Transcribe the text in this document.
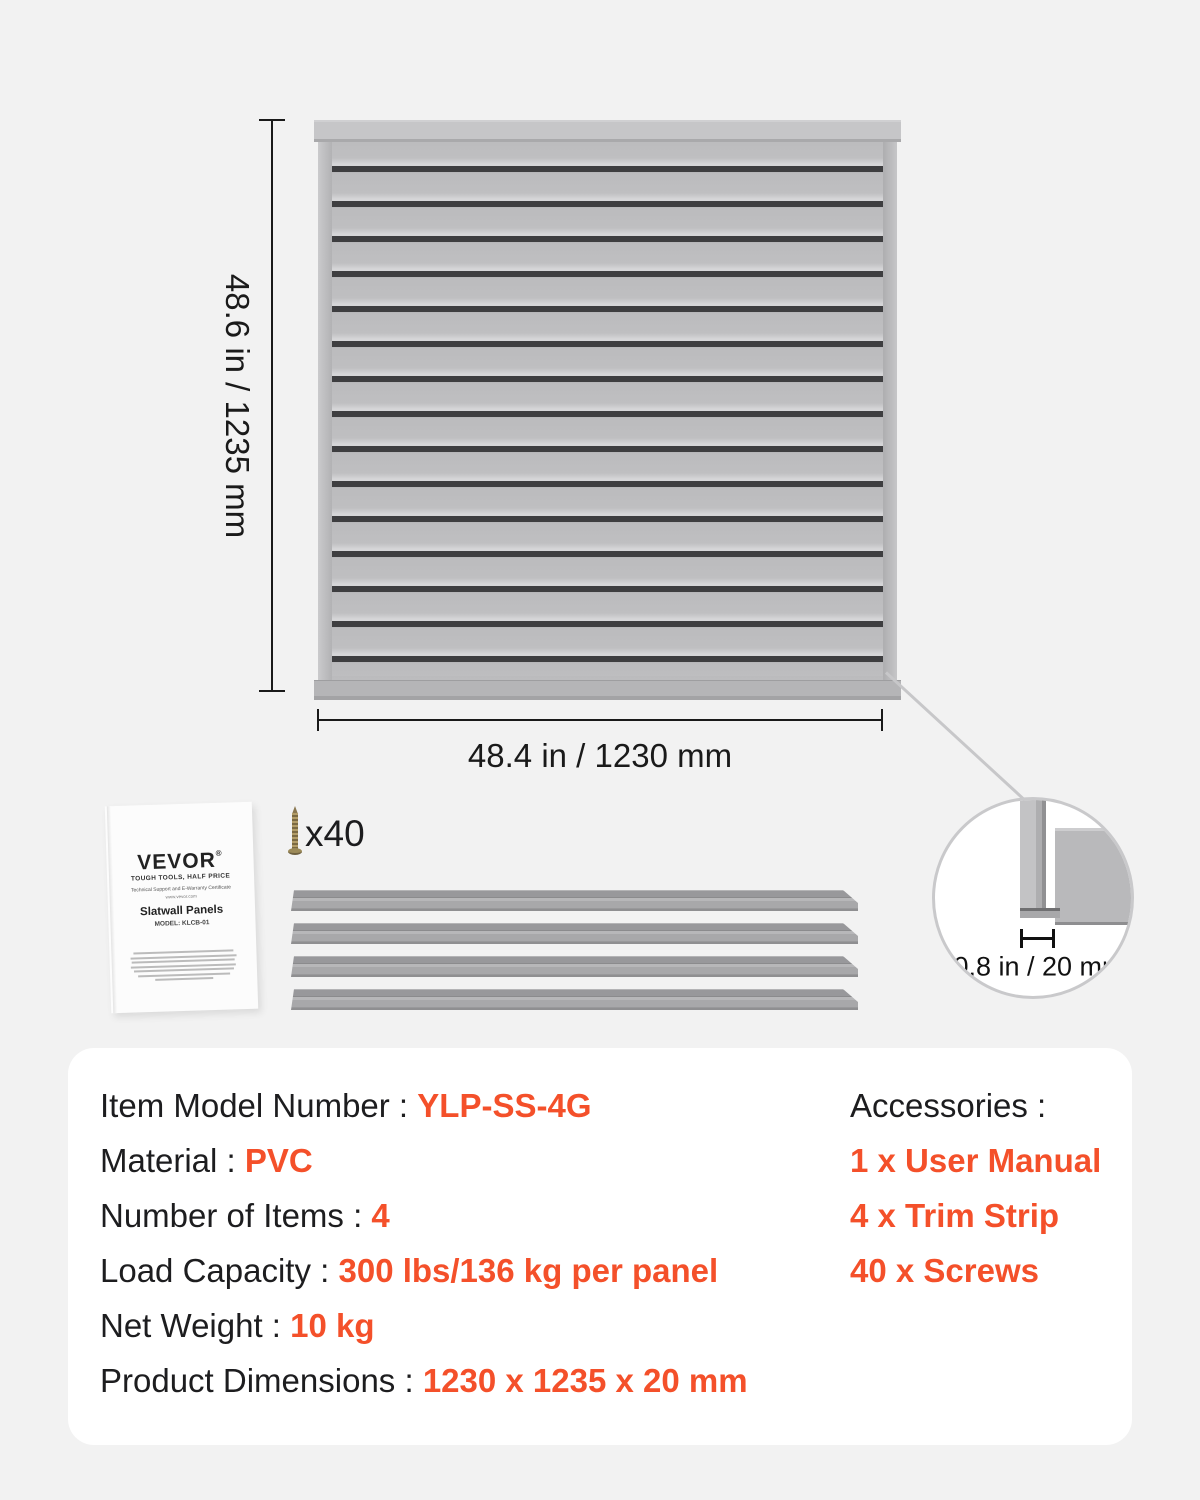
48.6 in / 1235 mm
48.4 in / 1230 mm
0.8 in / 20 mm
VEVOR®
TOUGH TOOLS, HALF PRICE
Technical Support and E-Warranty Certificate
www.vevor.com
Slatwall Panels
MODEL: KLCB-01
x40
Item Model Number : YLP-SS-4G
Material : PVC
Number of Items : 4
Load Capacity : 300 lbs/136 kg per panel
Net Weight : 10 kg
Product Dimensions : 1230 x 1235 x 20 mm
Accessories :
1 x User Manual
4 x Trim Strip
40 x Screws
